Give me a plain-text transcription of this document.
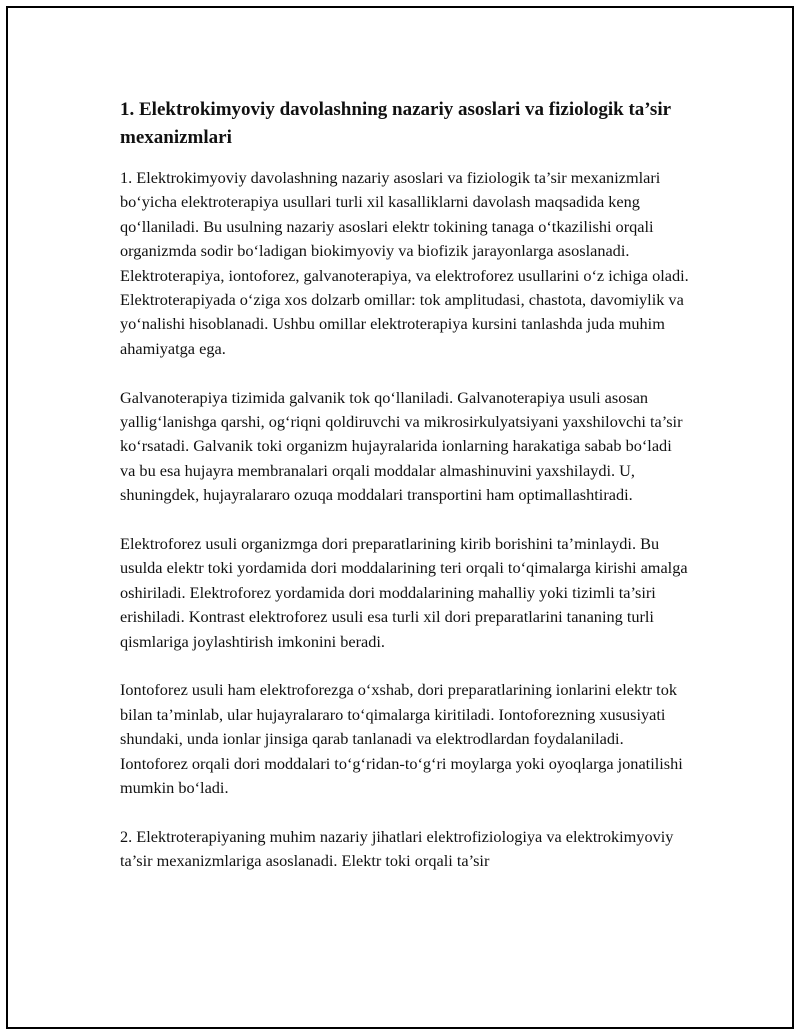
1. Elektrokimyoviy davolashning nazariy asoslari va fiziologik ta’sir mexanizmlari

1. Elektrokimyoviy davolashning nazariy asoslari va fiziologik ta’sir mexanizmlari bo‘yicha elektroterapiya usullari turli xil kasalliklarni davolash maqsadida keng qo‘llaniladi. Bu usulning nazariy asoslari elektr tokining tanaga o‘tkazilishi orqali organizmda sodir bo‘ladigan biokimyoviy va biofizik jarayonlarga asoslanadi. Elektroterapiya, iontoforez, galvanoterapiya, va elektroforez usullarini o‘z ichiga oladi. Elektroterapiyada o‘ziga xos dolzarb omillar: tok amplitudasi, chastota, davomiylik va yo‘nalishi hisoblanadi. Ushbu omillar elektroterapiya kursini tanlashda juda muhim ahamiyatga ega.

Galvanoterapiya tizimida galvanik tok qo‘llaniladi. Galvanoterapiya usuli asosan yallig‘lanishga qarshi, og‘riqni qoldiruvchi va mikrosirkulyatsiyani yaxshilovchi ta’sir ko‘rsatadi. Galvanik toki organizm hujayralarida ionlarning harakatiga sabab bo‘ladi va bu esa hujayra membranalari orqali moddalar almashinuvini yaxshilaydi. U, shuningdek, hujayralararo ozuqa moddalari transportini ham optimallashtiradi.

Elektroforez usuli organizmga dori preparatlarining kirib borishini ta’minlaydi. Bu usulda elektr toki yordamida dori moddalarining teri orqali to‘qimalarga kirishi amalga oshiriladi. Elektroforez yordamida dori moddalarining mahalliy yoki tizimli ta’siri erishiladi. Kontrast elektroforez usuli esa turli xil dori preparatlarini tananing turli qismlariga joylashtirish imkonini beradi.

Iontoforez usuli ham elektroforezga o‘xshab, dori preparatlarining ionlarini elektr tok bilan ta’minlab, ular hujayralararo to‘qimalarga kiritiladi. Iontoforezning xususiyati shundaki, unda ionlar jinsiga qarab tanlanadi va elektrodlardan foydalaniladi. Iontoforez orqali dori moddalari to‘g‘ridan-to‘g‘ri moylarga yoki oyoqlarga jonatilishi mumkin bo‘ladi.

2. Elektroterapiyaning muhim nazariy jihatlari elektrofiziologiya va elektrokimyoviy ta’sir mexanizmlariga asoslanadi. Elektr toki orqali ta’sir
